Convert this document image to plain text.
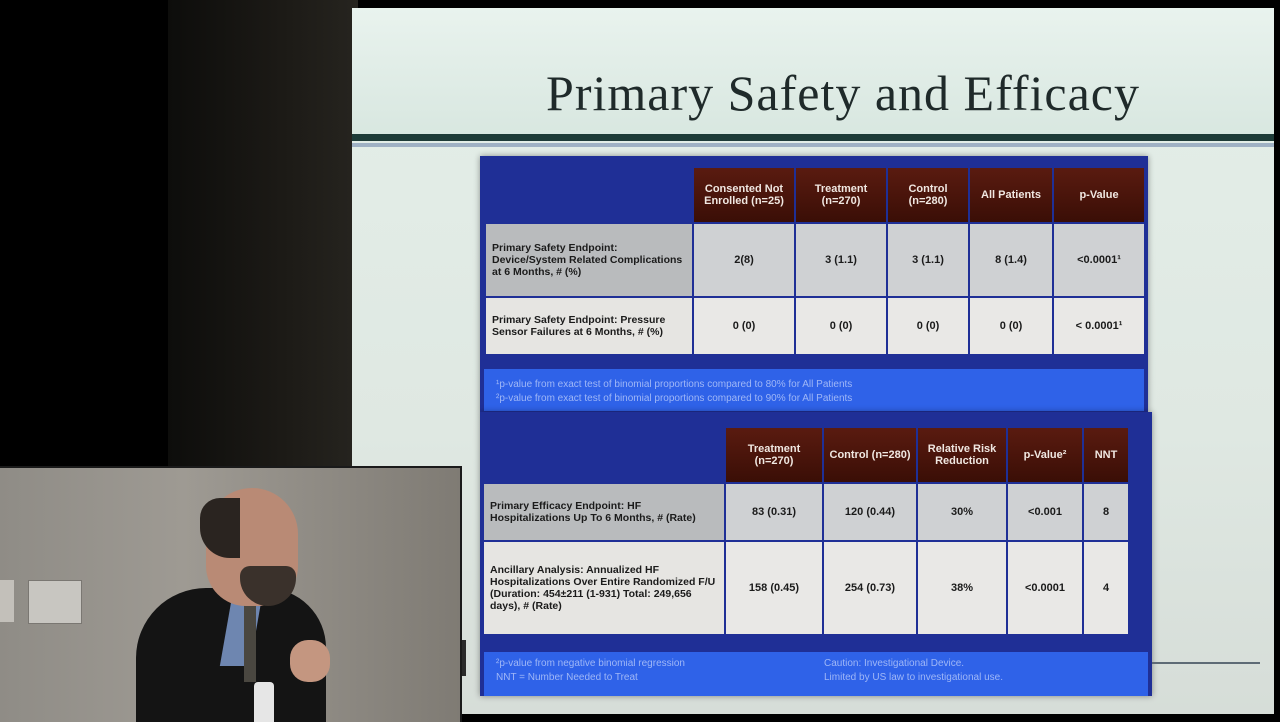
Primary Safety and Efficacy
	Consented Not Enrolled (n=25)	Treatment (n=270)	Control (n=280)	All Patients	p-Value
Primary Safety Endpoint: Device/System Related Complications at 6 Months, # (%)	2(8)	3 (1.1)	3 (1.1)	8 (1.4)	<0.0001¹
Primary Safety Endpoint: Pressure Sensor Failures at 6 Months, # (%)	0 (0)	0 (0)	0 (0)	0 (0)	< 0.0001¹
¹p-value from exact test of binomial proportions compared to 80% for All Patients
²p-value from exact test of binomial proportions compared to 90% for All Patients
	Treatment (n=270)	Control (n=280)	Relative Risk Reduction	p-Value²	NNT
Primary Efficacy Endpoint: HF Hospitalizations Up To 6 Months, # (Rate)	83 (0.31)	120 (0.44)	30%	<0.001	8
Ancillary Analysis: Annualized HF Hospitalizations Over Entire Randomized F/U (Duration: 454±211 (1-931) Total: 249,656 days), # (Rate)	158 (0.45)	254 (0.73)	38%	<0.0001	4
²p-value from negative binomial regression
NNT = Number Needed to Treat
Caution: Investigational Device.
Limited by US law to investigational use.
